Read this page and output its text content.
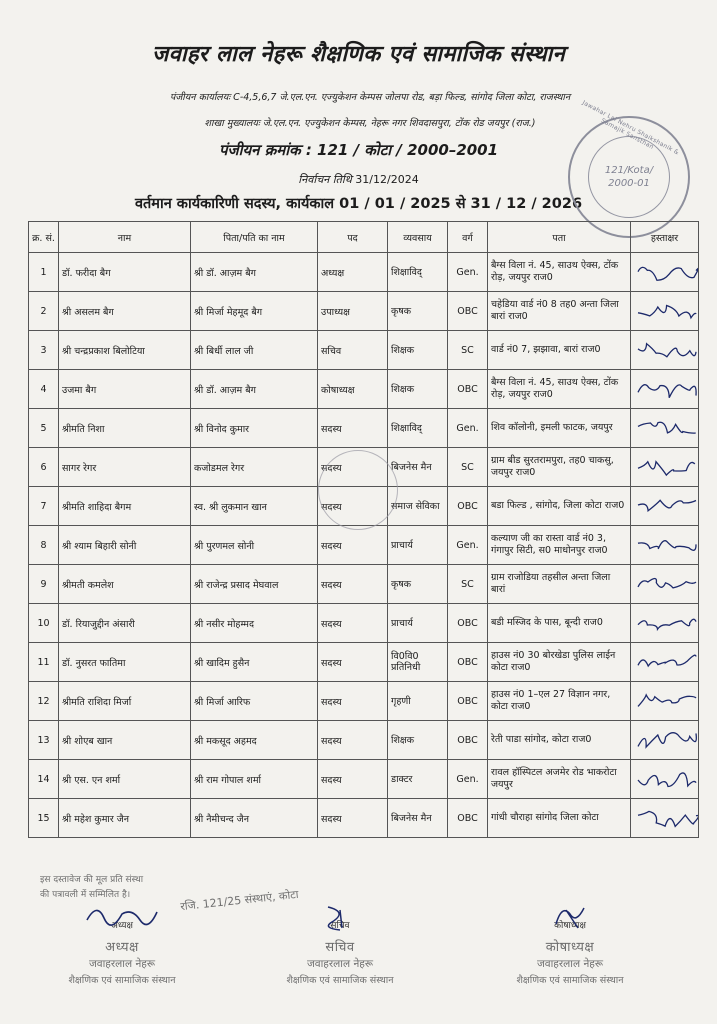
जवाहर लाल नेहरू शैक्षणिक एवं सामाजिक संस्थान
पंजीयन कार्यालयः C-4,5,6,7 जे.एल.एन. एज्युकेशन केम्पस जोलपा रोड, बड़ा फिल्ड, सांगोद जिला कोटा, राजस्थान
शाखा मुख्यालयः जे.एल.एन. एज्युकेशन केम्पस, नेहरू नगर शिवदासपुरा, टोंक रोड जयपुर (राज.)
पंजीयन क्रमांक : 121 / कोटा / 2000–2001
निर्वाचन तिथि 31/12/2024
वर्तमान कार्यकारिणी सदस्य, कार्यकाल 01 / 01 / 2025 से 31 / 12 / 2026
Jawahar Lal Nehru Shaikshanik & Samajik Sansthan
121/Kota/
2000-01
क्र. सं.	नाम	पिता/पति का नाम	पद	व्यवसाय	वर्ग	पता	हस्ताक्षर
1	डॉ. फरीदा बैग	श्री डॉ. आज़म बैग	अध्यक्ष	शिक्षाविद्	Gen.	बैग्स विला नं. 45, साउथ ऐक्स, टोंक रोड़, जयपुर राज0	

2	श्री असलम बैग	श्री मिर्जा मेहमूद बैग	उपाध्यक्ष	कृषक	OBC	चहेडिया वार्ड नं0 8 तह0 अन्ता जिला बारां राज0	

3	श्री चन्द्रप्रकाश बिलोटिया	श्री बिर्धी लाल जी	सचिव	शिक्षक	SC	वार्ड नं0 7, झझावा, बारां राज0	

4	उजमा बैग	श्री डॉ. आज़म बैग	कोषाध्यक्ष	शिक्षक	OBC	बैग्स विला नं. 45, साउथ ऐक्स, टोंक रोड़, जयपुर राज0	

5	श्रीमति निशा	श्री विनोद कुमार	सदस्य	शिक्षाविद्	Gen.	शिव कॉलोनी, इमली फाटक, जयपुर	

6	सागर रेगर	कजोडमल रेगर	सदस्य	बिजनेस मैन	SC	ग्राम बीड सुरतरामपुरा, तह0 चाकसु, जयपुर राज0	

7	श्रीमति शाहिदा बैगम	स्व. श्री लुकमान खान	सदस्य	समाज सेविका	OBC	बडा फिल्ड , सांगोद, जिला कोटा राज0	

8	श्री श्याम बिहारी सोनी	श्री पुरणमल सोनी	सदस्य	प्राचार्य	Gen.	कल्याण जी का रास्ता वार्ड नं0 3, गंगापुर सिटी, स0 माधोनपुर राज0	

9	श्रीमती कमलेश	श्री राजेन्द्र प्रसाद मेघवाल	सदस्य	कृषक	SC	ग्राम राजोडिया तहसील अन्ता जिला बारां	

10	डॉ. रियाजुद्दीन अंसारी	श्री नसीर मोहम्मद	सदस्य	प्राचार्य	OBC	बडी मस्जिद के पास, बून्दी राज0	

11	डॉ. नुसरत फातिमा	श्री खादिम हुसैन	सदस्य	वि0वि0 प्रतिनिधी	OBC	हाउस नं0 30 बोरखेडा पुलिस लाईन कोटा राज0	

12	श्रीमति राशिदा मिर्जा	श्री मिर्जा आरिफ	सदस्य	गृहणी	OBC	हाउस नं0 1–एल 27 विज्ञान नगर, कोटा राज0	

13	श्री शोएब खान	श्री मकसूद अहमद	सदस्य	शिक्षक	OBC	रेती पाडा सांगोद, कोटा राज0	

14	श्री एस. एन शर्मा	श्री राम गोपाल शर्मा	सदस्य	डाक्टर	Gen.	रावल हॉस्पिटल अजमेर रोड भाकरोटा जयपुर	

15	श्री महेश कुमार जैन	श्री नैमीचन्द जैन	सदस्य	बिजनेस मैन	OBC	गांधी चौराहा सांगोद जिला कोटा	
इस दस्तावेज की मूल प्रति संस्था
की पत्रावली में सम्मिलित है।	रजि. 121/25 संस्थाएं, कोटा
अध्यक्ष
अध्यक्ष
जवाहरलाल नेहरू
शैक्षणिक एवं सामाजिक संस्थान
सचिव
सचिव
जवाहरलाल नेहरू
शैक्षणिक एवं सामाजिक संस्थान
कोषाध्यक्ष
कोषाध्यक्ष
जवाहरलाल नेहरू
शैक्षणिक एवं सामाजिक संस्थान
